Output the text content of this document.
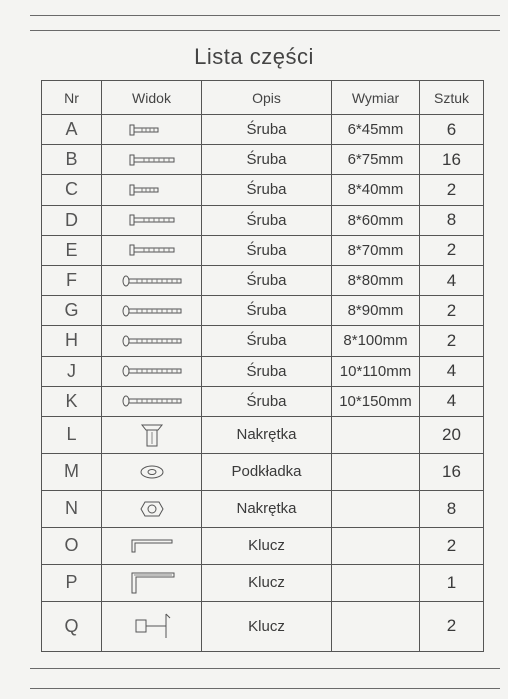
Lista części
Nr	Widok	Opis	Wymiar	Sztuk
A		Śruba	6*45mm	6
B		Śruba	6*75mm	16
C		Śruba	8*40mm	2
D		Śruba	8*60mm	8
E		Śruba	8*70mm	2
F		Śruba	8*80mm	4
G		Śruba	8*90mm	2
H		Śruba	8*100mm	2
J		Śruba	10*110mm	4
K		Śruba	10*150mm	4
L		Nakrętka		20
M		Podkładka		16
N		Nakrętka		8
O		Klucz		2
P		Klucz		1
Q		Klucz		2
